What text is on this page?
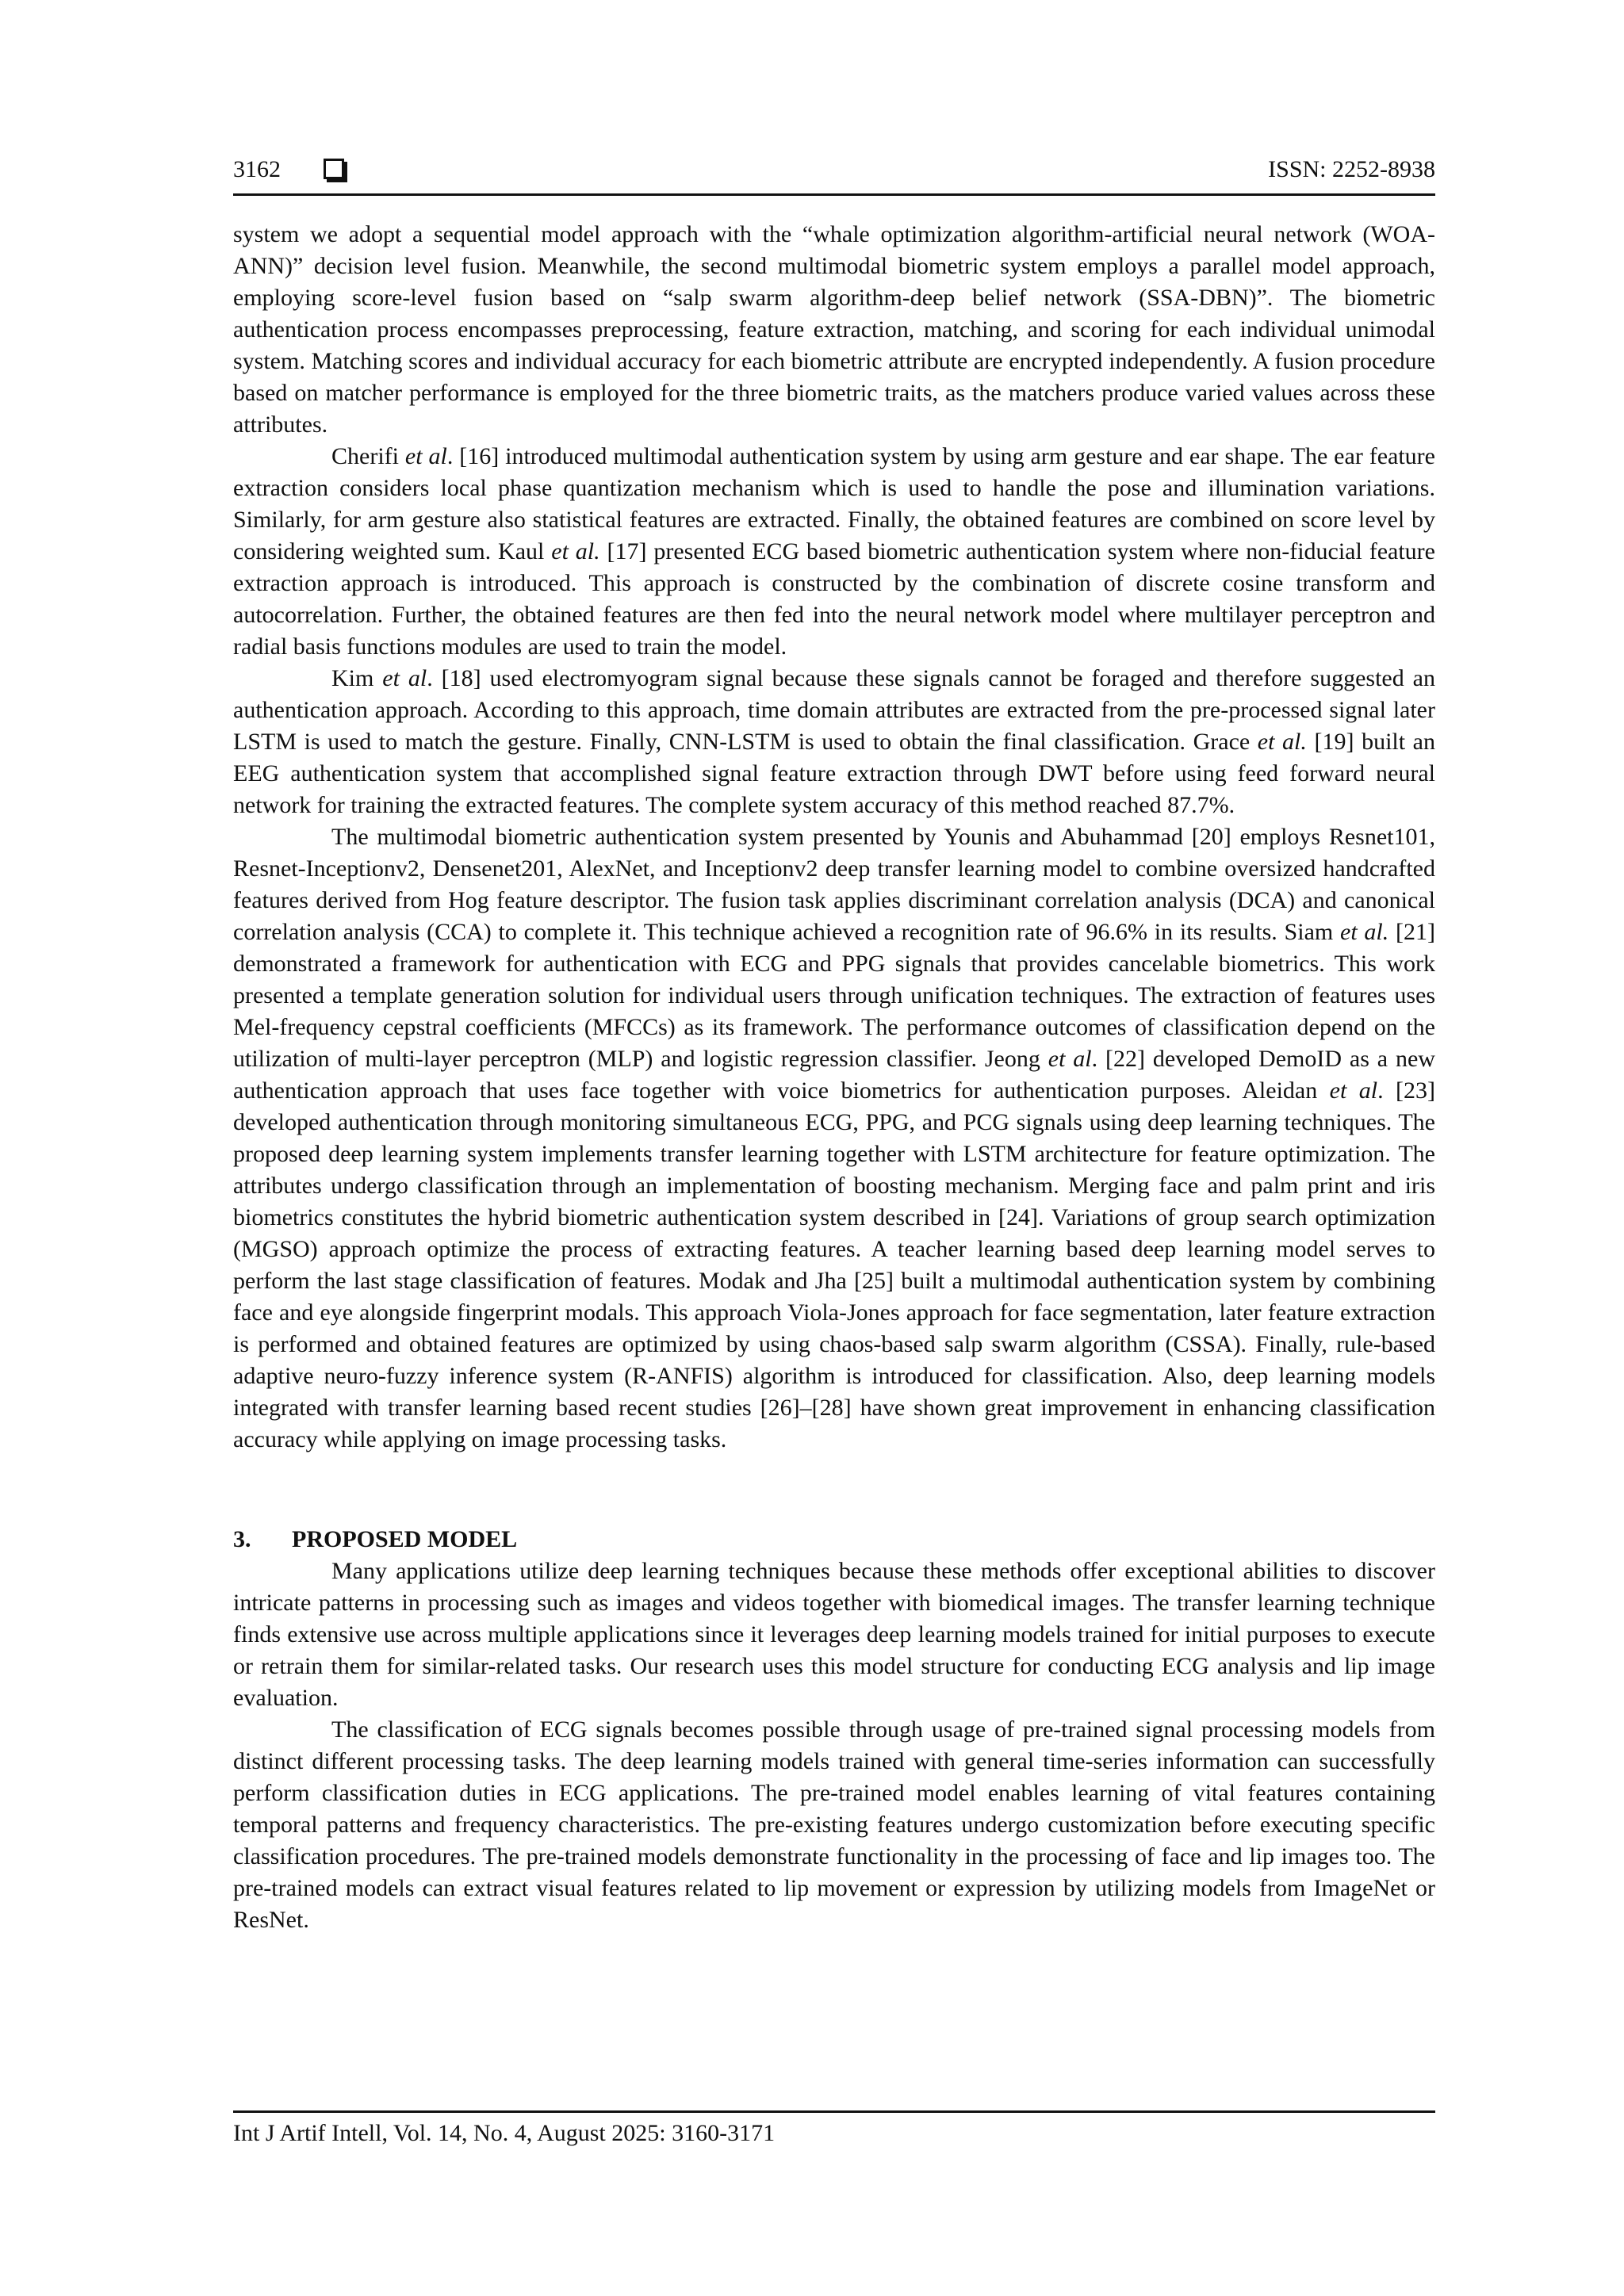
3162	ISSN: 2252-8938

system we adopt a sequential model approach with the “whale optimization algorithm-artificial neural network (WOA-ANN)” decision level fusion. Meanwhile, the second multimodal biometric system employs a parallel model approach, employing score-level fusion based on “salp swarm algorithm-deep belief network (SSA-DBN)”. The biometric authentication process encompasses preprocessing, feature extraction, matching, and scoring for each individual unimodal system. Matching scores and individual accuracy for each biometric attribute are encrypted independently. A fusion procedure based on matcher performance is employed for the three biometric traits, as the matchers produce varied values across these attributes.

Cherifi et al. [16] introduced multimodal authentication system by using arm gesture and ear shape. The ear feature extraction considers local phase quantization mechanism which is used to handle the pose and illumination variations. Similarly, for arm gesture also statistical features are extracted. Finally, the obtained features are combined on score level by considering weighted sum. Kaul et al. [17] presented ECG based biometric authentication system where non-fiducial feature extraction approach is introduced. This approach is constructed by the combination of discrete cosine transform and autocorrelation. Further, the obtained features are then fed into the neural network model where multilayer perceptron and radial basis functions modules are used to train the model.

Kim et al. [18] used electromyogram signal because these signals cannot be foraged and therefore suggested an authentication approach. According to this approach, time domain attributes are extracted from the pre-processed signal later LSTM is used to match the gesture. Finally, CNN-LSTM is used to obtain the final classification. Grace et al. [19] built an EEG authentication system that accomplished signal feature extraction through DWT before using feed forward neural network for training the extracted features. The complete system accuracy of this method reached 87.7%.

The multimodal biometric authentication system presented by Younis and Abuhammad [20] employs Resnet101, Resnet-Inceptionv2, Densenet201, AlexNet, and Inceptionv2 deep transfer learning model to combine oversized handcrafted features derived from Hog feature descriptor. The fusion task applies discriminant correlation analysis (DCA) and canonical correlation analysis (CCA) to complete it. This technique achieved a recognition rate of 96.6% in its results. Siam et al. [21] demonstrated a framework for authentication with ECG and PPG signals that provides cancelable biometrics. This work presented a template generation solution for individual users through unification techniques. The extraction of features uses Mel-frequency cepstral coefficients (MFCCs) as its framework. The performance outcomes of classification depend on the utilization of multi-layer perceptron (MLP) and logistic regression classifier. Jeong et al. [22] developed DemoID as a new authentication approach that uses face together with voice biometrics for authentication purposes. Aleidan et al. [23] developed authentication through monitoring simultaneous ECG, PPG, and PCG signals using deep learning techniques. The proposed deep learning system implements transfer learning together with LSTM architecture for feature optimization. The attributes undergo classification through an implementation of boosting mechanism. Merging face and palm print and iris biometrics constitutes the hybrid biometric authentication system described in [24]. Variations of group search optimization (MGSO) approach optimize the process of extracting features. A teacher learning based deep learning model serves to perform the last stage classification of features. Modak and Jha [25] built a multimodal authentication system by combining face and eye alongside fingerprint modals. This approach Viola-Jones approach for face segmentation, later feature extraction is performed and obtained features are optimized by using chaos-based salp swarm algorithm (CSSA). Finally, rule-based adaptive neuro-fuzzy inference system (R-ANFIS) algorithm is introduced for classification. Also, deep learning models integrated with transfer learning based recent studies [26]–[28] have shown great improvement in enhancing classification accuracy while applying on image processing tasks.

3. PROPOSED MODEL

Many applications utilize deep learning techniques because these methods offer exceptional abilities to discover intricate patterns in processing such as images and videos together with biomedical images. The transfer learning technique finds extensive use across multiple applications since it leverages deep learning models trained for initial purposes to execute or retrain them for similar-related tasks. Our research uses this model structure for conducting ECG analysis and lip image evaluation.

The classification of ECG signals becomes possible through usage of pre-trained signal processing models from distinct different processing tasks. The deep learning models trained with general time-series information can successfully perform classification duties in ECG applications. The pre-trained model enables learning of vital features containing temporal patterns and frequency characteristics. The pre-existing features undergo customization before executing specific classification procedures. The pre-trained models demonstrate functionality in the processing of face and lip images too. The pre-trained models can extract visual features related to lip movement or expression by utilizing models from ImageNet or ResNet.

Int J Artif Intell, Vol. 14, No. 4, August 2025: 3160-3171
